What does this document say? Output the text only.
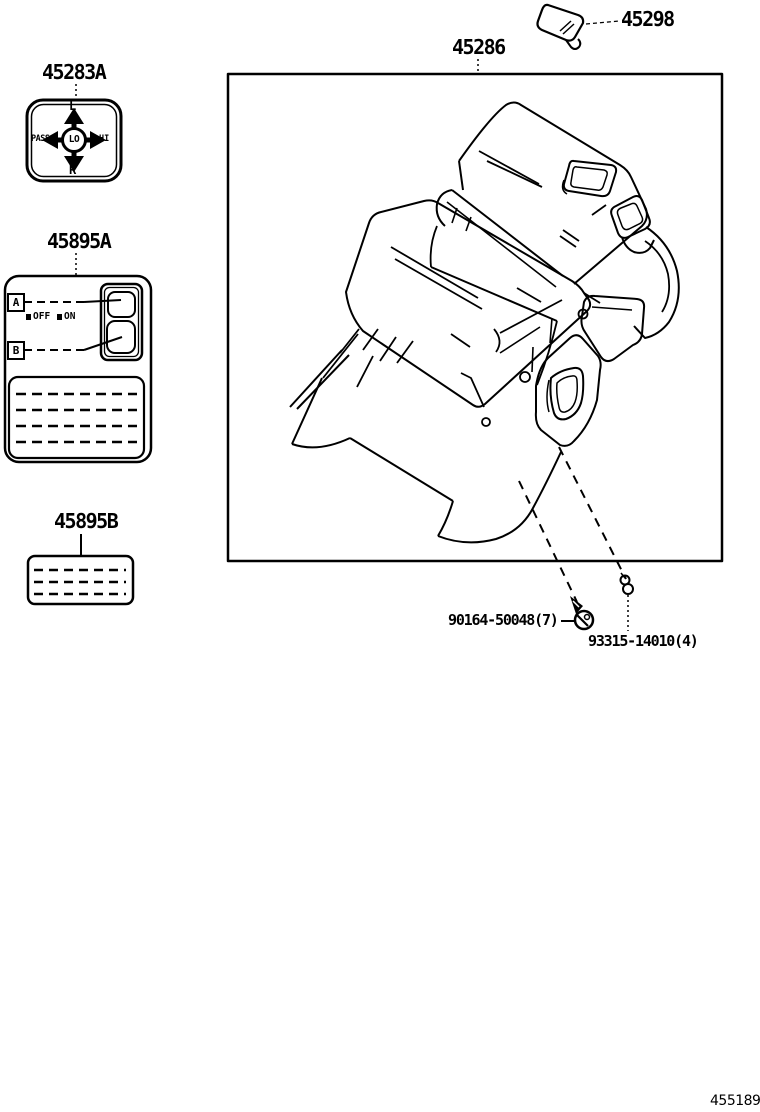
45283A
L
R
PASS	HI
LO
45895A
A
B
OFF ON
45895B
45286
45298
90164-50048(7)
93315-14010(4)
455189
